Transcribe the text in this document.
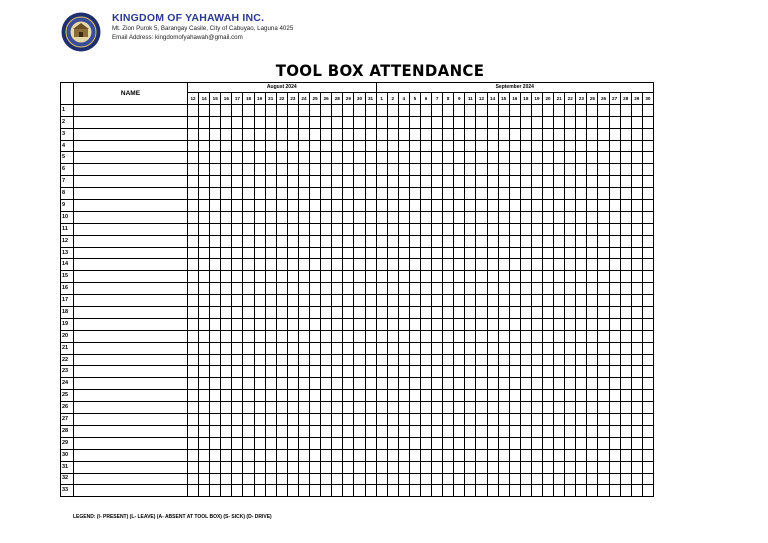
KINGDOM OF YAHAWAH INC.
Mt. Zion Purok 5, Barangay Casile, City of Cabuyao, Laguna 4025
Email Address: kingdomofyahawah@gmail.com
TOOL BOX ATTENDANCE
	NAME	August 2024																	September 2024																								
		12	14	15	16	17	18	19	21	22	23	24	25	26	28	29	30	31	1	2	4	5	6	7	8	9	11	12	14	15	16	18	19	20	21	22	23	25	26	27	28	29	30
1																																											
2																																											
3																																											
4																																											
5																																											
6																																											
7																																											
8																																											
9																																											
10																																											
11																																											
12																																											
13																																											
14																																											
15																																											
16																																											
17																																											
18																																											
19																																											
20																																											
21																																											
22																																											
23																																											
24																																											
25																																											
26																																											
27																																											
28																																											
29																																											
30																																											
31																																											
32																																											
33																																											
LEGEND: (I- PRESENT) (L- LEAVE) (A- ABSENT AT TOOL BOX) (S- SICK) (D- DRIVE)
